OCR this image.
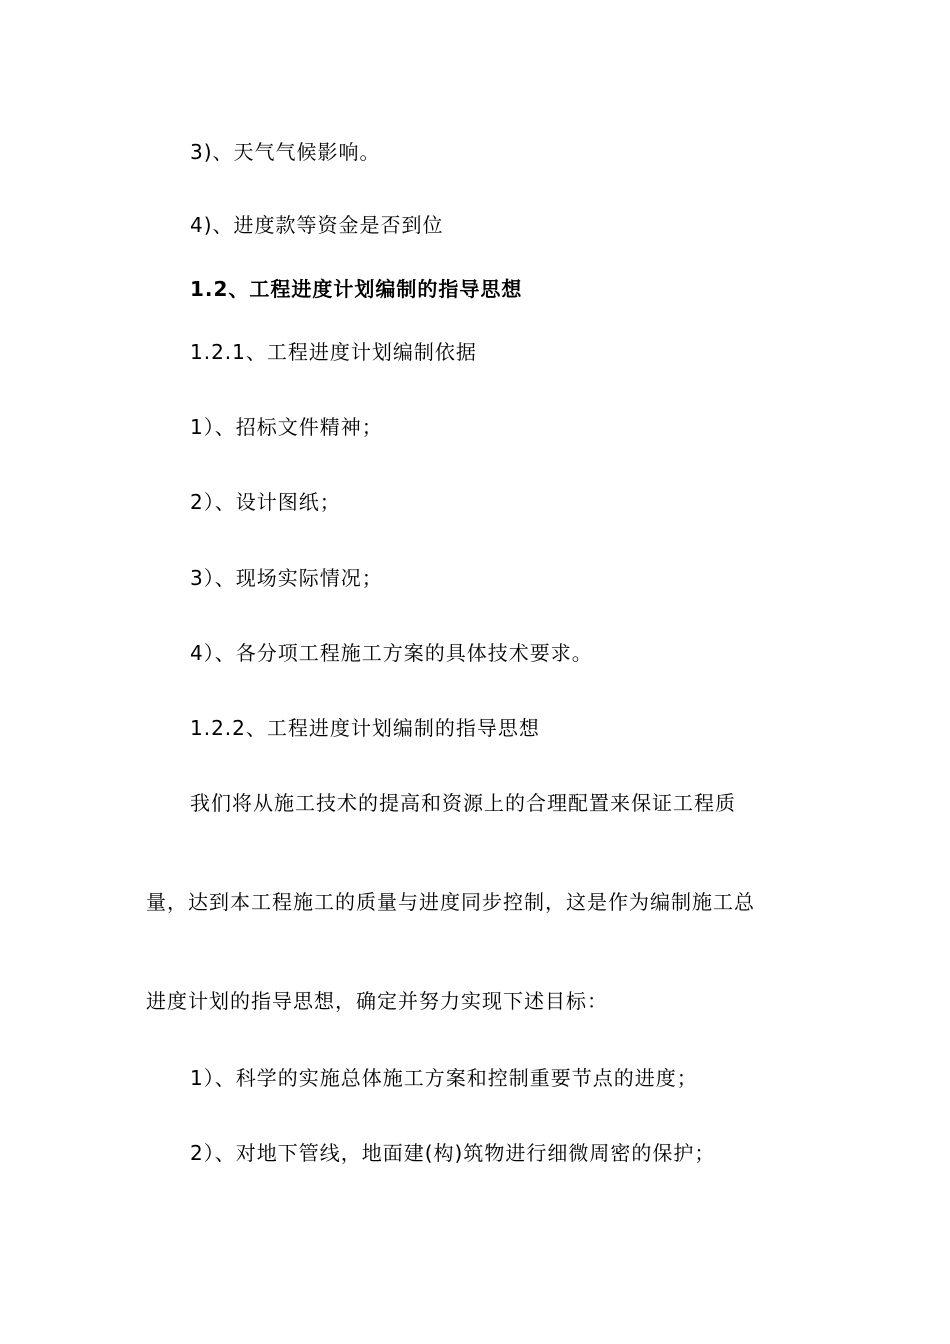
3)、天气气候影响。
4)、进度款等资金是否到位
1.2、工程进度计划编制的指导思想
1.2.1、工程进度计划编制依据
1）、招标文件精神；
2）、设计图纸；
3）、现场实际情况；
4）、各分项工程施工方案的具体技术要求。
1.2.2、工程进度计划编制的指导思想
我们将从施工技术的提高和资源上的合理配置来保证工程质
量，达到本工程施工的质量与进度同步控制，这是作为编制施工总
进度计划的指导思想，确定并努力实现下述目标：
1）、科学的实施总体施工方案和控制重要节点的进度；
2）、对地下管线，地面建(构)筑物进行细微周密的保护；
